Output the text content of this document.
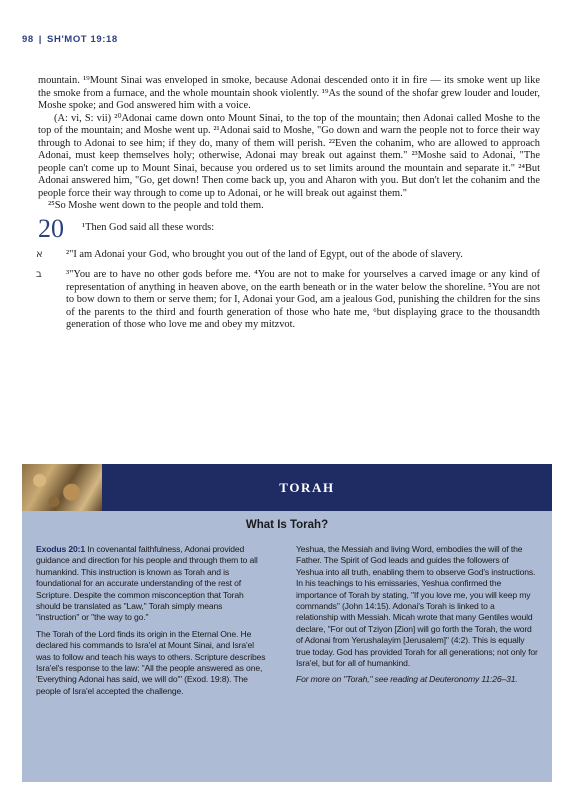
98 | SH'MOT 19:18

mountain. ¹⁹Mount Sinai was enveloped in smoke, because Adonai descended onto it in fire — its smoke went up like the smoke from a furnace, and the whole mountain shook violently. ¹⁹As the sound of the shofar grew louder and louder, Moshe spoke; and God answered him with a voice.

(A: vi, S: vii) ²⁰Adonai came down onto Mount Sinai, to the top of the mountain; then Adonai called Moshe to the top of the mountain; and Moshe went up. ²¹Adonai said to Moshe, "Go down and warn the people not to force their way through to Adonai to see him; if they do, many of them will perish. ²²Even the cohanim, who are allowed to approach Adonai, must keep themselves holy; otherwise, Adonai may break out against them." ²³Moshe said to Adonai, "The people can't come up to Mount Sinai, because you ordered us to set limits around the mountain and separate it." ²⁴But Adonai answered him, "Go, get down! Then come back up, you and Aharon with you. But don't let the cohanim and the people force their way through to come up to Adonai, or he will break out against them."

²⁵So Moshe went down to the people and told them.

20	¹Then God said all these words:

א	²"I am Adonai your God, who brought you out of the land of Egypt, out of the abode of slavery.

ב	³"You are to have no other gods before me. ⁴You are not to make for yourselves a carved image or any kind of representation of anything in heaven above, on the earth beneath or in the water below the shoreline. ⁵You are not to bow down to them or serve them; for I, Adonai your God, am a jealous God, punishing the children for the sins of the parents to the third and fourth generation of those who hate me, ⁶but displaying grace to the thousandth generation of those who love me and obey my mitzvot.

TORAH
What Is Torah?

Exodus 20:1 In covenantal faithfulness, Adonai provided guidance and direction for his people and through them to all humankind. This instruction is known as Torah and is foundational for an accurate understanding of the rest of Scripture. Despite the common misconception that Torah should be translated as "Law," Torah simply means "instruction" or "the way to go."

The Torah of the Lord finds its origin in the Eternal One. He declared his commands to Isra'el at Mount Sinai, and Isra'el was to follow and teach his ways to others. Scripture describes Isra'el's response to the law: "All the people answered as one, 'Everything Adonai has said, we will do'" (Exod. 19:8). The people of Isra'el accepted the challenge.

Yeshua, the Messiah and living Word, embodies the will of the Father. The Spirit of God leads and guides the followers of Yeshua into all truth, enabling them to observe God's instructions. In his teachings to his emissaries, Yeshua confirmed the importance of Torah by stating, "If you love me, you will keep my commands" (John 14:15). Adonai's Torah is linked to a relationship with Messiah. Micah wrote that many Gentiles would declare, "For out of Tziyon [Zion] will go forth the Torah, the word of Adonai from Yerushalayim [Jerusalem]" (4:2). This is equally true today. God has provided Torah for all generations; not only for Isra'el, but for all of humankind.

For more on "Torah," see reading at Deuteronomy 11:26–31.
